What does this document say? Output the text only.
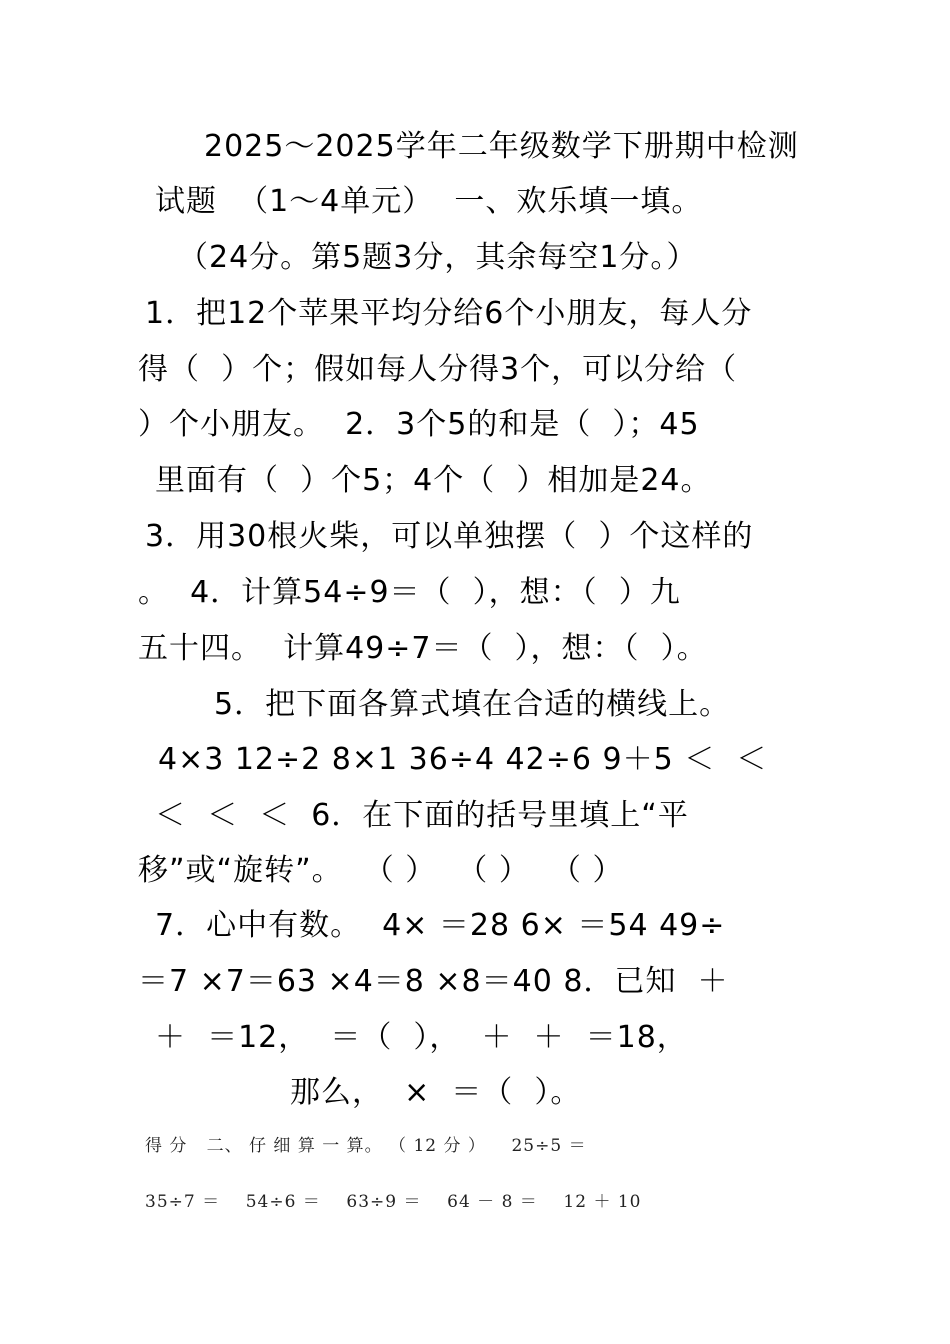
2025～2025学年二年级数学下册期中检测
试题  （1～4单元）  一、欢乐填一填。
（24分。第5题3分，其余每空1分。）
1．把12个苹果平均分给6个小朋友，每人分
得（  ）个；假如每人分得3个，可以分给（
）个小朋友。  2．3个5的和是（  ）；45
里面有（  ）个5；4个（  ）相加是24。
3．用30根火柴，可以单独摆（  ）个这样的
。  4．计算54÷9＝（  ），想：（  ）九
五十四。  计算49÷7＝（  ），想：（  ）。
5．把下面各算式填在合适的横线上。
4×3 12÷2 8×1 36÷4 42÷6 9＋5 ＜  ＜
＜  ＜  ＜  6．在下面的括号里填上“平
移”或“旋转”。  （ ）  （ ）  （ ）
7．心中有数。  4× ＝28 6× ＝54 49÷
＝7 ×7＝63 ×4＝8 ×8＝40 8．已知  ＋
＋  ＝12，  ＝（  ），  ＋  ＋  ＝18，
那么，  ×  ＝（  ）。
得 分   二、 仔 细 算 一 算。 （ 12 分 ）    25÷5 ＝
35÷7 ＝    54÷6 ＝    63÷9 ＝    64 － 8 ＝    12 ＋ 10
